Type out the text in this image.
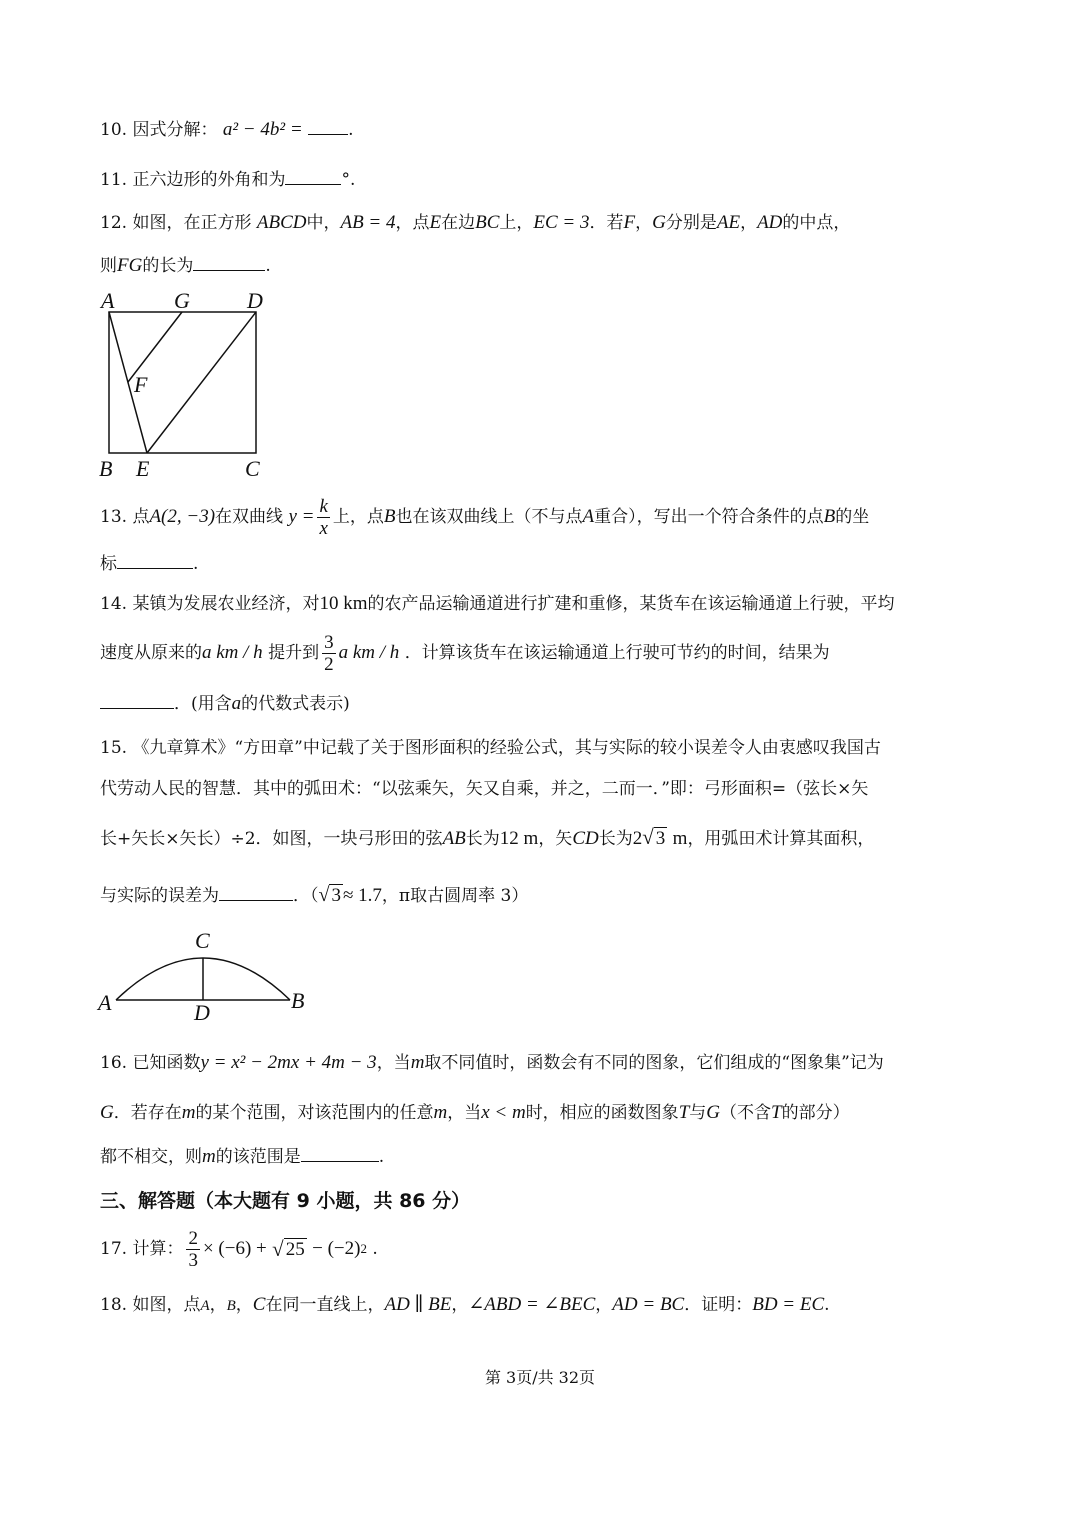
10. 因式分解： a² − 4b² =	.
11. 正六边形的外角和为	°.
12. 如图，在正方形 ABCD中，AB = 4，点E在边BC上，EC = 3．若F，G分别是AE，AD的中点，
则FG的长为	.
A	G	D
F
B E	C
13.
点 A(2, −3) 在双曲线
$y = \frac{k}{x}$ 上，点 B 也在该双曲线上（不与点 A 重合），写出一个符合条件的点 B 的坐
标	.
14. 某镇为发展农业经济，对10 km的农产品运输通道进行扩建和重修，某货车在该运输通道上行驶，平均
速度从原来的 a km / h
提升到 $\frac{3}{2}$ a km / h
．计算该货车在该运输通道上行驶可节约的时间，结果为
．(用含a的代数式表示)
15. 《九章算术》“方田章”中记载了关于图形面积的经验公式，其与实际的较小误差令人由衷感叹我国古
代劳动人民的智慧．其中的弧田术：“以弦乘矢，矢又自乘，并之，二而一．”即：弓形面积=（弦长×矢
长+矢长×矢长）÷2．如图，一块弓形田的弦AB长为12 m，矢CD长为2√ 3 m，用弧田术计算其面积，
与实际的误差为	．（√ 3 ≈ 1.7，π取古圆周率 3）
C
A	B
D
16. 已知函数y = x² − 2mx + 4m − 3，当m取不同值时，函数会有不同的图象，它们组成的“图象集”记为
G．若存在m的某个范围，对该范围内的任意m，当x < m时，相应的函数图象T与G（不含T的部分）
都不相交，则m的该范围是	.
三、解答题（本大题有 9 小题，共 86 分）
17.
计算： $\frac{2}{3} \times (-6)$ +
√ 25
− (−2) 2
.
18. 如图，点A，B，C在同一直线上，AD ∥ BE，∠ABD = ∠BEC，AD = BC．证明：BD = EC.
第 3页/共 32页
